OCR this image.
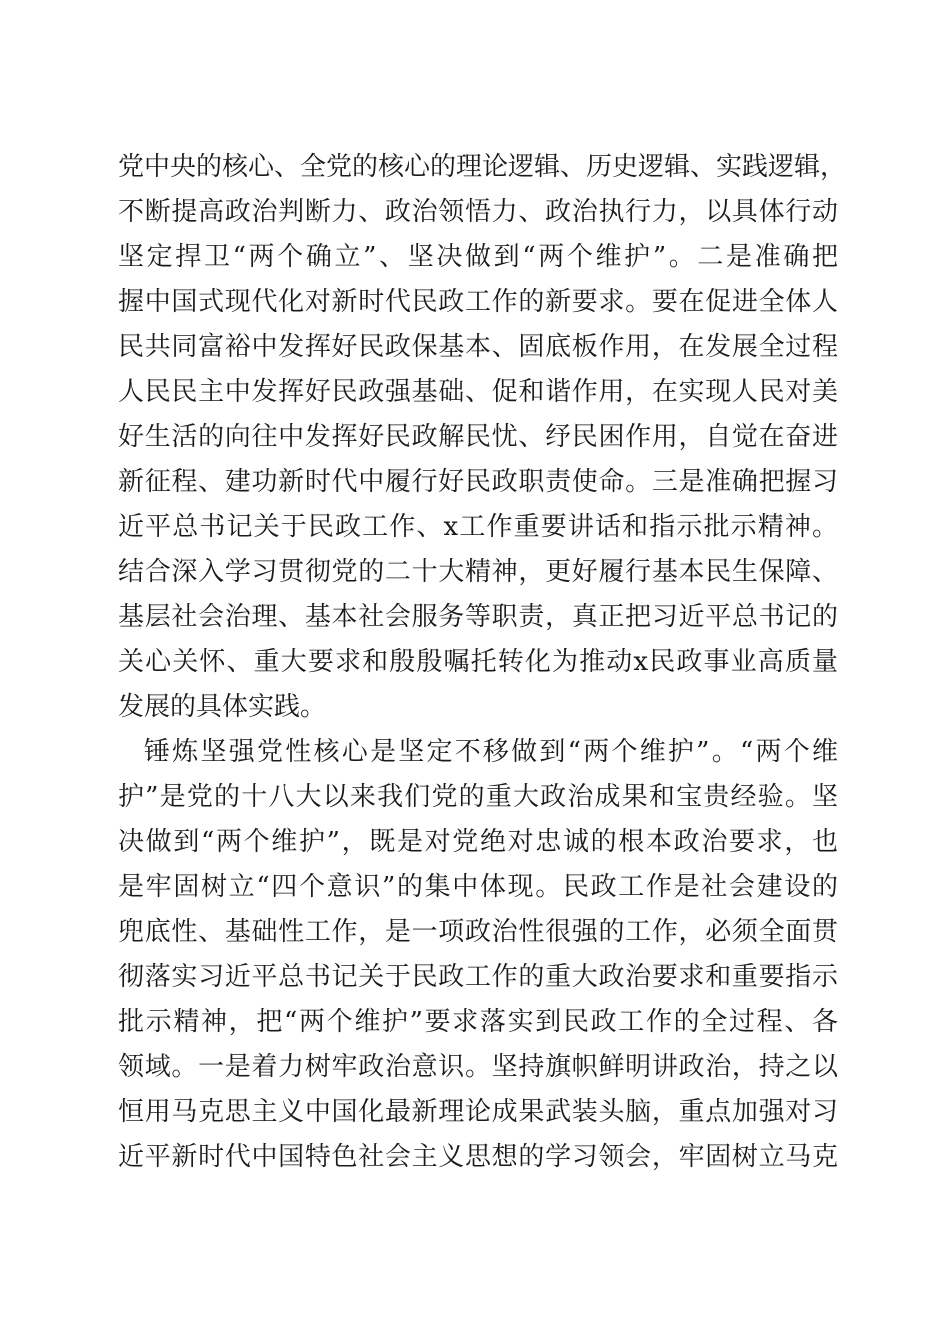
党中央的核心、全党的核心的理论逻辑、历史逻辑、实践逻辑，
不断提高政治判断力、政治领悟力、政治执行力，以具体行动
坚定捍卫“两个确立”、坚决做到“两个维护”。二是准确把
握中国式现代化对新时代民政工作的新要求。要在促进全体人
民共同富裕中发挥好民政保基本、固底板作用，在发展全过程
人民民主中发挥好民政强基础、促和谐作用，在实现人民对美
好生活的向往中发挥好民政解民忧、纾民困作用，自觉在奋进
新征程、建功新时代中履行好民政职责使命。三是准确把握习
近平总书记关于民政工作、x工作重要讲话和指示批示精神。
结合深入学习贯彻党的二十大精神，更好履行基本民生保障、
基层社会治理、基本社会服务等职责，真正把习近平总书记的
关心关怀、重大要求和殷殷嘱托转化为推动x民政事业高质量
发展的具体实践。
锤炼坚强党性核心是坚定不移做到“两个维护”。“两个维
护”是党的十八大以来我们党的重大政治成果和宝贵经验。坚
决做到“两个维护”，既是对党绝对忠诚的根本政治要求，也
是牢固树立“四个意识”的集中体现。民政工作是社会建设的
兜底性、基础性工作，是一项政治性很强的工作，必须全面贯
彻落实习近平总书记关于民政工作的重大政治要求和重要指示
批示精神，把“两个维护”要求落实到民政工作的全过程、各
领域。一是着力树牢政治意识。坚持旗帜鲜明讲政治，持之以
恒用马克思主义中国化最新理论成果武装头脑，重点加强对习
近平新时代中国特色社会主义思想的学习领会，牢固树立马克
